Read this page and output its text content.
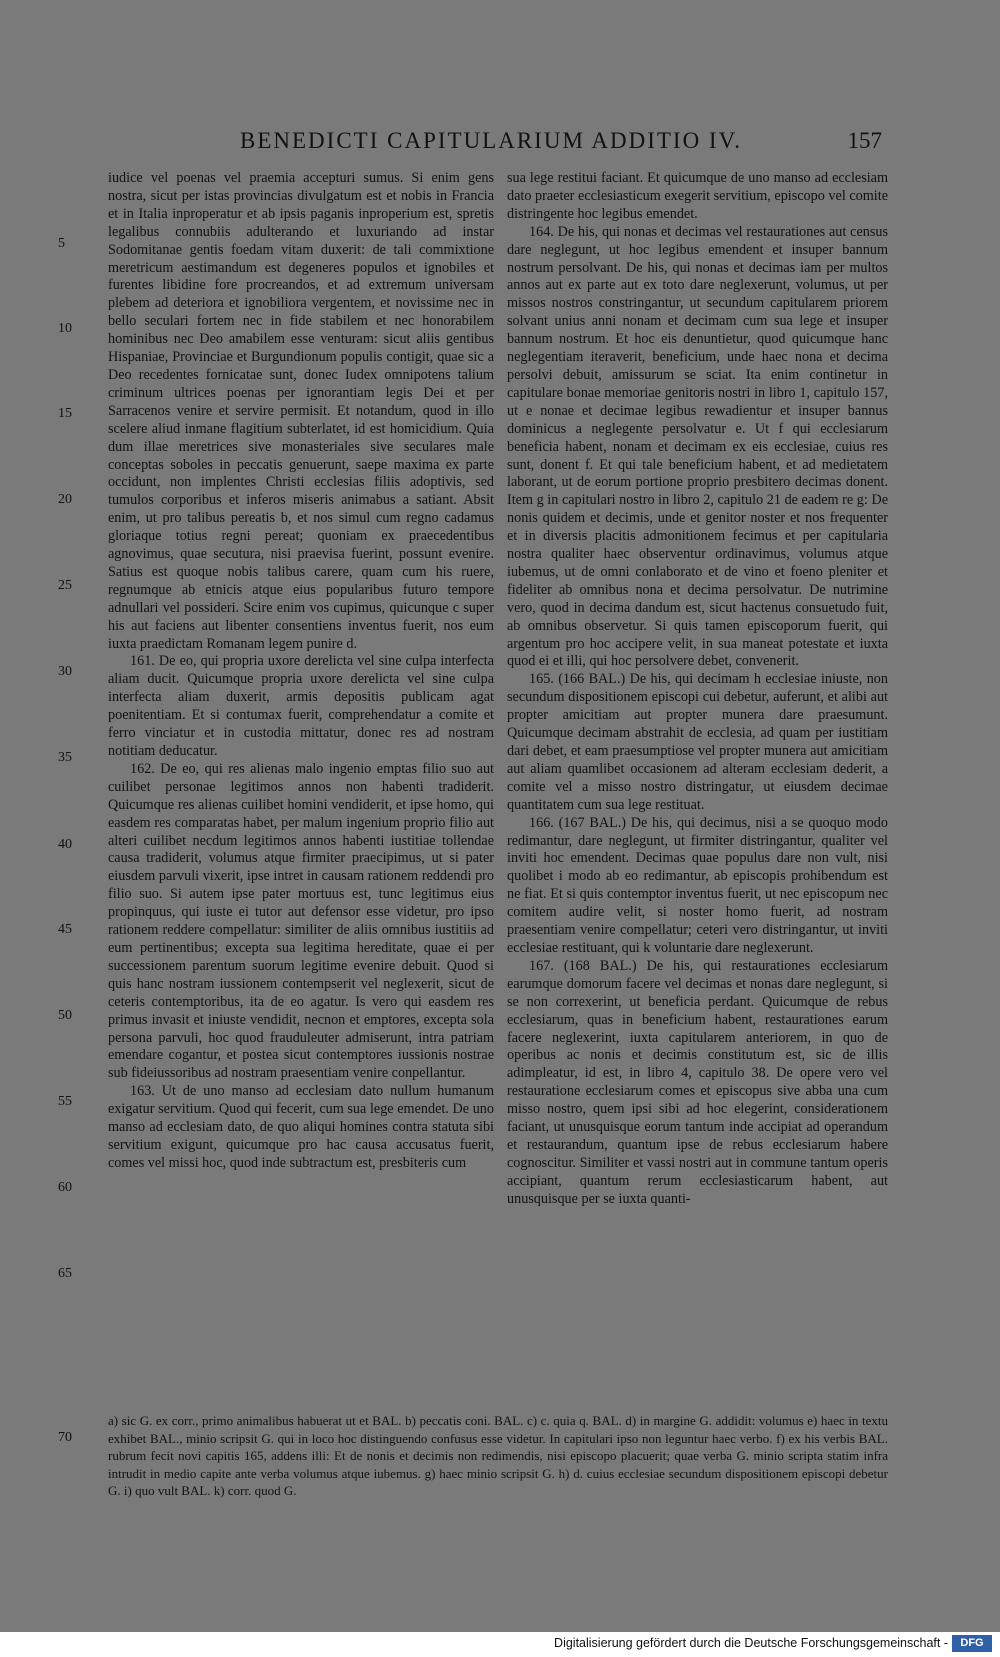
BENEDICTI CAPITULARIUM ADDITIO IV.	157
5
10
15
20
25
30
35
40
45
50
55
60
65

iudice vel poenas vel praemia accepturi sumus. Si enim gens nostra, sicut per istas provincias divulgatum est et nobis in Francia et in Italia inproperatur et ab ipsis paganis inproperium est, spretis legalibus connubiis adulterando et luxuriando ad instar Sodomitanae gentis foedam vitam duxerit: de tali commixtione meretricum aestimandum est degeneres populos et ignobiles et furentes libidine fore procreandos, et ad extremum universam plebem ad deteriora et ignobiliora vergentem, et novissime nec in bello seculari fortem nec in fide stabilem et nec honorabilem hominibus nec Deo amabilem esse venturam: sicut aliis gentibus Hispaniae, Provinciae et Burgundionum populis contigit, quae sic a Deo recedentes fornicatae sunt, donec Iudex omnipotens talium criminum ultrices poenas per ignorantiam legis Dei et per Sarracenos venire et servire permisit. Et notandum, quod in illo scelere aliud inmane flagitium subterlatet, id est homicidium. Quia dum illae meretrices sive monasteriales sive seculares male conceptas soboles in peccatis genuerunt, saepe maxima ex parte occidunt, non implentes Christi ecclesias filiis adoptivis, sed tumulos corporibus et inferos miseris animabus a satiant. Absit enim, ut pro talibus pereatis b, et nos simul cum regno cadamus gloriaque totius regni pereat; quoniam ex praecedentibus agnovimus, quae secutura, nisi praevisa fuerint, possunt evenire. Satius est quoque nobis talibus carere, quam cum his ruere, regnumque ab etnicis atque eius popularibus futuro tempore adnullari vel possideri. Scire enim vos cupimus, quicunque c super his aut faciens aut libenter consentiens inventus fuerit, nos eum iuxta praedictam Romanam legem punire d.

161. De eo, qui propria uxore derelicta vel sine culpa interfecta aliam ducit. Quicumque propria uxore derelicta vel sine culpa interfecta aliam duxerit, armis depositis publicam agat poenitentiam. Et si contumax fuerit, comprehendatur a comite et ferro vinciatur et in custodia mittatur, donec res ad nostram notitiam deducatur.

162. De eo, qui res alienas malo ingenio emptas filio suo aut cuilibet personae legitimos annos non habenti tradiderit. Quicumque res alienas cuilibet homini vendiderit, et ipse homo, qui easdem res comparatas habet, per malum ingenium proprio filio aut alteri cuilibet necdum legitimos annos habenti iustitiae tollendae causa tradiderit, volumus atque firmiter praecipimus, ut si pater eiusdem parvuli vixerit, ipse intret in causam rationem reddendi pro filio suo. Si autem ipse pater mortuus est, tunc legitimus eius propinquus, qui iuste ei tutor aut defensor esse videtur, pro ipso rationem reddere compellatur: similiter de aliis omnibus iustitiis ad eum pertinentibus; excepta sua legitima hereditate, quae ei per successionem parentum suorum legitime evenire debuit. Quod si quis hanc nostram iussionem contempserit vel neglexerit, sicut de ceteris contemptoribus, ita de eo agatur. Is vero qui easdem res primus invasit et iniuste vendidit, necnon et emptores, excepta sola persona parvuli, hoc quod frauduleuter admiserunt, intra patriam emendare cogantur, et postea sicut contemptores iussionis nostrae sub fideiussoribus ad nostram praesentiam venire conpellantur.

163. Ut de uno manso ad ecclesiam dato nullum humanum exigatur servitium. Quod qui fecerit, cum sua lege emendet. De uno manso ad ecclesiam dato, de quo aliqui homines contra statuta sibi servitium exigunt, quicumque pro hac causa accusatus fuerit, comes vel missi hoc, quod inde subtractum est, presbiteris cum

sua lege restitui faciant. Et quicumque de uno manso ad ecclesiam dato praeter ecclesiasticum exegerit servitium, episcopo vel comite distringente hoc legibus emendet.

164. De his, qui nonas et decimas vel restaurationes aut census dare neglegunt, ut hoc legibus emendent et insuper bannum nostrum persolvant. De his, qui nonas et decimas iam per multos annos aut ex parte aut ex toto dare neglexerunt, volumus, ut per missos nostros constringantur, ut secundum capitularem priorem solvant unius anni nonam et decimam cum sua lege et insuper bannum nostrum. Et hoc eis denuntietur, quod quicumque hanc neglegentiam iteraverit, beneficium, unde haec nona et decima persolvi debuit, amissurum se sciat. Ita enim continetur in capitulare bonae memoriae genitoris nostri in libro 1, capitulo 157, ut e nonae et decimae legibus rewadientur et insuper bannus dominicus a neglegente persolvatur e. Ut f qui ecclesiarum beneficia habent, nonam et decimam ex eis ecclesiae, cuius res sunt, donent f. Et qui tale beneficium habent, et ad medietatem laborant, ut de eorum portione proprio presbitero decimas donent. Item g in capitulari nostro in libro 2, capitulo 21 de eadem re g: De nonis quidem et decimis, unde et genitor noster et nos frequenter et in diversis placitis admonitionem fecimus et per capitularia nostra qualiter haec observentur ordinavimus, volumus atque iubemus, ut de omni conlaborato et de vino et foeno pleniter et fideliter ab omnibus nona et decima persolvatur. De nutrimine vero, quod in decima dandum est, sicut hactenus consuetudo fuit, ab omnibus observetur. Si quis tamen episcoporum fuerit, qui argentum pro hoc accipere velit, in sua maneat potestate et iuxta quod ei et illi, qui hoc persolvere debet, convenerit.

165. (166 BAL.) De his, qui decimam h ecclesiae iniuste, non secundum dispositionem episcopi cui debetur, auferunt, et alibi aut propter amicitiam aut propter munera dare praesumunt. Quicumque decimam abstrahit de ecclesia, ad quam per iustitiam dari debet, et eam praesumptiose vel propter munera aut amicitiam aut aliam quamlibet occasionem ad alteram ecclesiam dederit, a comite vel a misso nostro distringatur, ut eiusdem decimae quantitatem cum sua lege restituat.

166. (167 BAL.) De his, qui decimus, nisi a se quoquo modo redimantur, dare neglegunt, ut firmiter distringantur, qualiter vel inviti hoc emendent. Decimas quae populus dare non vult, nisi quolibet i modo ab eo redimantur, ab episcopis prohibendum est ne fiat. Et si quis contemptor inventus fuerit, ut nec episcopum nec comitem audire velit, si noster homo fuerit, ad nostram praesentiam venire compellatur; ceteri vero distringantur, ut inviti ecclesiae restituant, qui k voluntarie dare neglexerunt.

167. (168 BAL.) De his, qui restaurationes ecclesiarum earumque domorum facere vel decimas et nonas dare neglegunt, si se non correxerint, ut beneficia perdant. Quicumque de rebus ecclesiarum, quas in beneficium habent, restaurationes earum facere neglexerint, iuxta capitularem anteriorem, in quo de operibus ac nonis et decimis constitutum est, sic de illis adimpleatur, id est, in libro 4, capitulo 38. De opere vero vel restauratione ecclesiarum comes et episcopus sive abba una cum misso nostro, quem ipsi sibi ad hoc elegerint, considerationem faciant, ut unusquisque eorum tantum inde accipiat ad operandum et restaurandum, quantum ipse de rebus ecclesiarum habere cognoscitur. Similiter et vassi nostri aut in commune tantum operis accipiant, quantum rerum ecclesiasticarum habent, aut unusquisque per se iuxta quanti-

70

a) sic G. ex corr., primo animalibus habuerat ut et BAL. b) peccatis coni. BAL. c) c. quia q. BAL. d) in margine G. addidit: volumus e) haec in textu exhibet BAL., minio scripsit G. qui in loco hoc distinguendo confusus esse videtur. In capitulari ipso non leguntur haec verbo. f) ex his verbis BAL. rubrum fecit novi capitis 165, addens illi: Et de nonis et decimis non redimendis, nisi episcopo placuerit; quae verba G. minio scripta statim infra intrudit in medio capite ante verba volumus atque iubemus. g) haec minio scripsit G. h) d. cuius ecclesiae secundum dispositionem episcopi debetur G. i) quo vult BAL. k) corr. quod G.

Digitalisierung gefördert durch die Deutsche Forschungsgemeinschaft -	DFG
